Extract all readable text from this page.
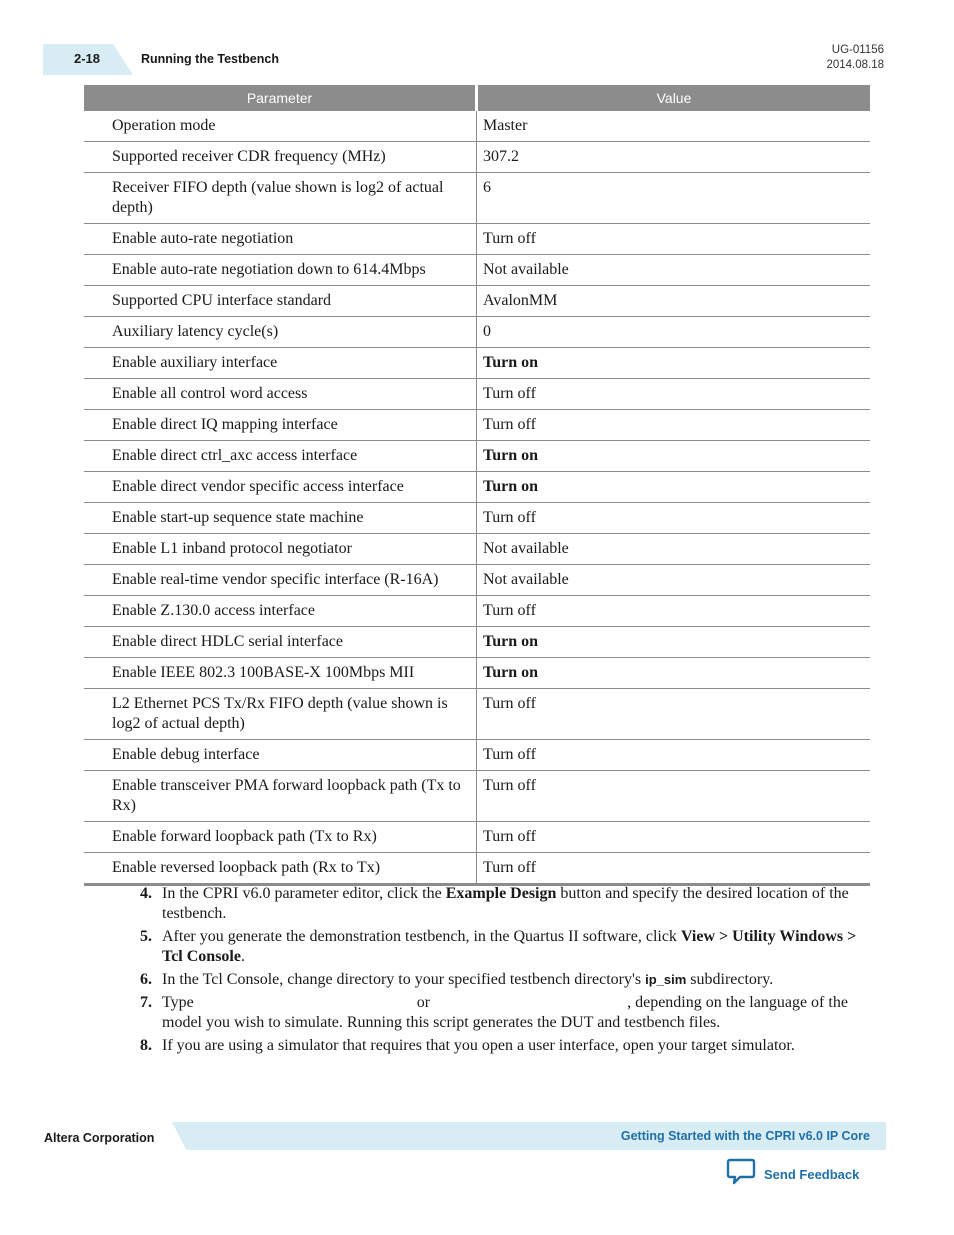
2-18	Running the Testbench
UG-01156
2014.08.18
Parameter	Value
Operation mode	Master
Supported receiver CDR frequency (MHz)	307.2
Receiver FIFO depth (value shown is log2 of actual depth)	6
Enable auto-rate negotiation	Turn off
Enable auto-rate negotiation down to 614.4Mbps	Not available
Supported CPU interface standard	AvalonMM
Auxiliary latency cycle(s)	0
Enable auxiliary interface	Turn on
Enable all control word access	Turn off
Enable direct IQ mapping interface	Turn off
Enable direct ctrl_axc access interface	Turn on
Enable direct vendor specific access interface	Turn on
Enable start-up sequence state machine	Turn off
Enable L1 inband protocol negotiator	Not available
Enable real-time vendor specific interface (R-16A)	Not available
Enable Z.130.0 access interface	Turn off
Enable direct HDLC serial interface	Turn on
Enable IEEE 802.3 100BASE-X 100Mbps MII	Turn on
L2 Ethernet PCS Tx/Rx FIFO depth (value shown is log2 of actual depth)	Turn off
Enable debug interface	Turn off
Enable transceiver PMA forward loopback path (Tx to Rx)	Turn off
Enable forward loopback path (Tx to Rx)	Turn off
Enable reversed loopback path (Rx to Tx)	Turn off
4. In the CPRI v6.0 parameter editor, click the Example Design button and specify the desired location of the testbench.
5. After you generate the demonstration testbench, in the Quartus II software, click View > Utility Windows > Tcl Console.
6. In the Tcl Console, change directory to your specified testbench directory's ip_sim subdirectory.
7. Type	or	, depending on the language of the model you wish to simulate. Running this script generates the DUT and testbench files.
8. If you are using a simulator that requires that you open a user interface, open your target simulator.
Altera Corporation	Getting Started with the CPRI v6.0 IP Core
Send Feedback
